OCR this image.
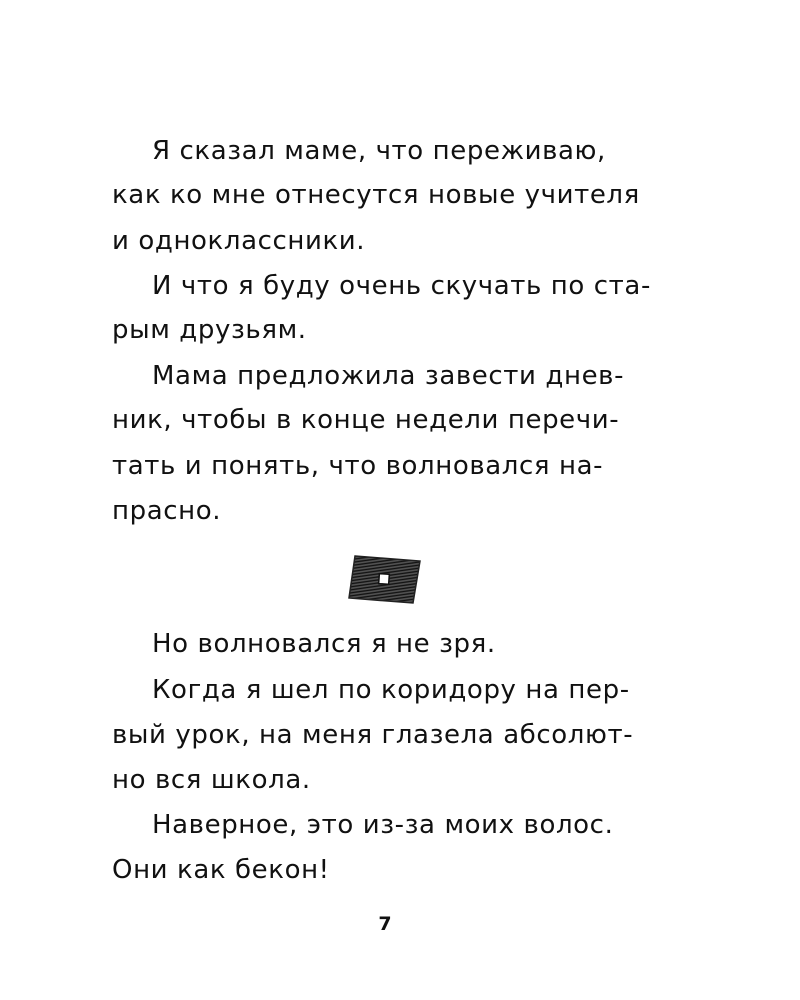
Я сказал маме, что переживаю,
как ко мне отнесутся новые учителя
и одноклассники.
И что я буду очень скучать по ста-
рым друзьям.
Мама предложила завести днев-
ник, чтобы в конце недели перечи-
тать и понять, что волновался на-
прасно.
Но волновался я не зря.
Когда я шел по коридору на пер-
вый урок, на меня глазела абсолют-
но вся школа.
Наверное, это из-за моих волос.
Они как бекон!
7
